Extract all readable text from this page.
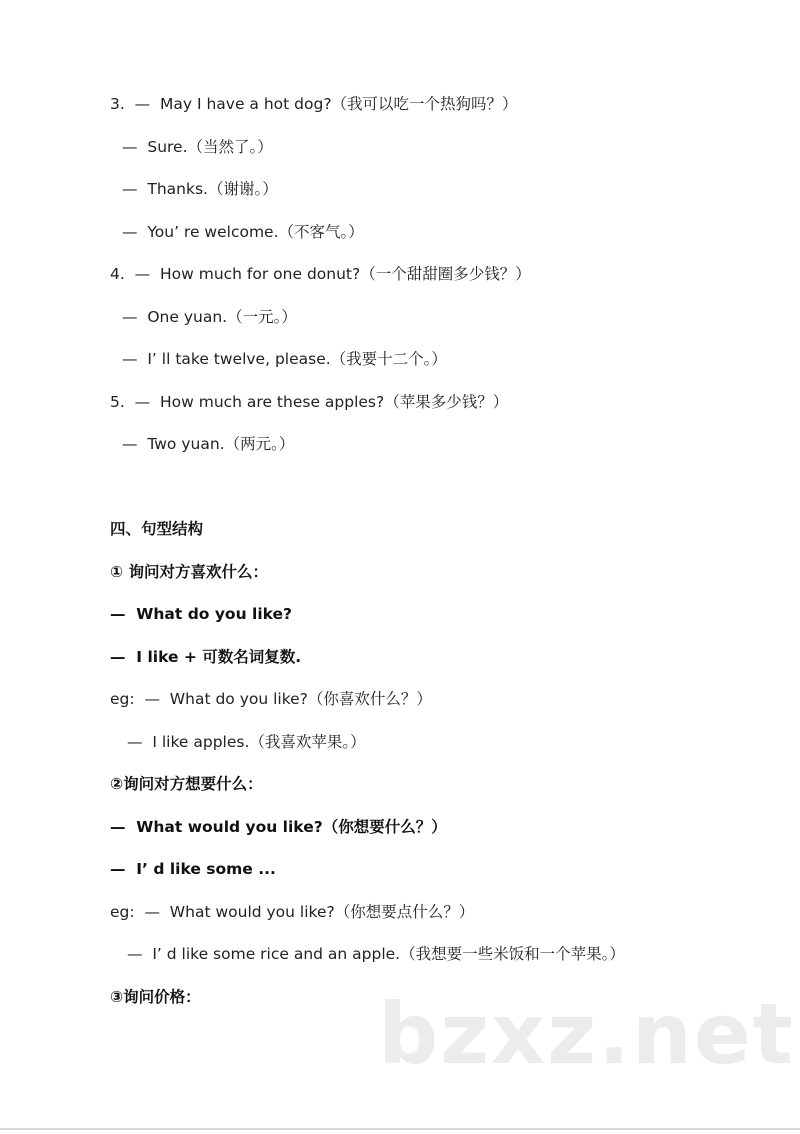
3.  —  May I have a hot dog?（我可以吃一个热狗吗？）
—  Sure.（当然了。）
—  Thanks.（谢谢。）
—  You’ re welcome.（不客气。）
4.  —  How much for one donut?（一个甜甜圈多少钱？）
—  One yuan.（一元。）
—  I’ ll take twelve, please.（我要十二个。）
5.  —  How much are these apples?（苹果多少钱？）
—  Two yuan.（两元。）
四、句型结构
① 询问对方喜欢什么：
—  What do you like?
—  I like + 可数名词复数.
eg:  —  What do you like?（你喜欢什么？）
—  I like apples.（我喜欢苹果。）
②询问对方想要什么：
—  What would you like?（你想要什么？）
—  I’ d like some ...
eg:  —  What would you like?（你想要点什么？）
—  I’ d like some rice and an apple.（我想要一些米饭和一个苹果。）
③询问价格： bzxz.net
